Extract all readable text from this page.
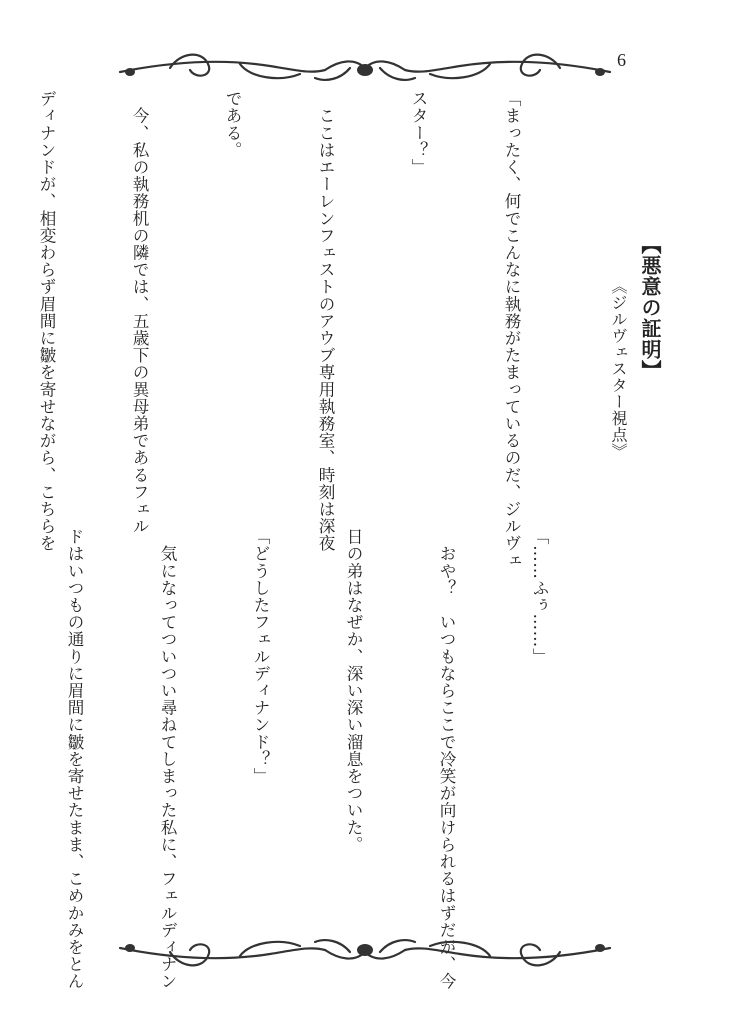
6

「まったく、何でこんなに執務がたまっているのだ、ジルヴェ

スター？」

　ここはエーレンフェストのアウブ専用執務室、時刻は深夜

である。

　今、私の執務机の隣では、五歳下の異母弟であるフェル

ディナンドが、相変わらず眉間に皺を寄せながら、こちらを

	【悪意の証明】
《ジルヴェスター視点》

「……ふぅ……」

　おや？　いつもならここで冷笑が向けられるはずだが、今

日の弟はなぜか、深い深い溜息をついた。

「どうしたフェルディナンド？」

　気になってついつい尋ねてしまった私に、フェルディナン

ドはいつもの通りに眉間に皺を寄せたまま、こめかみをとん
